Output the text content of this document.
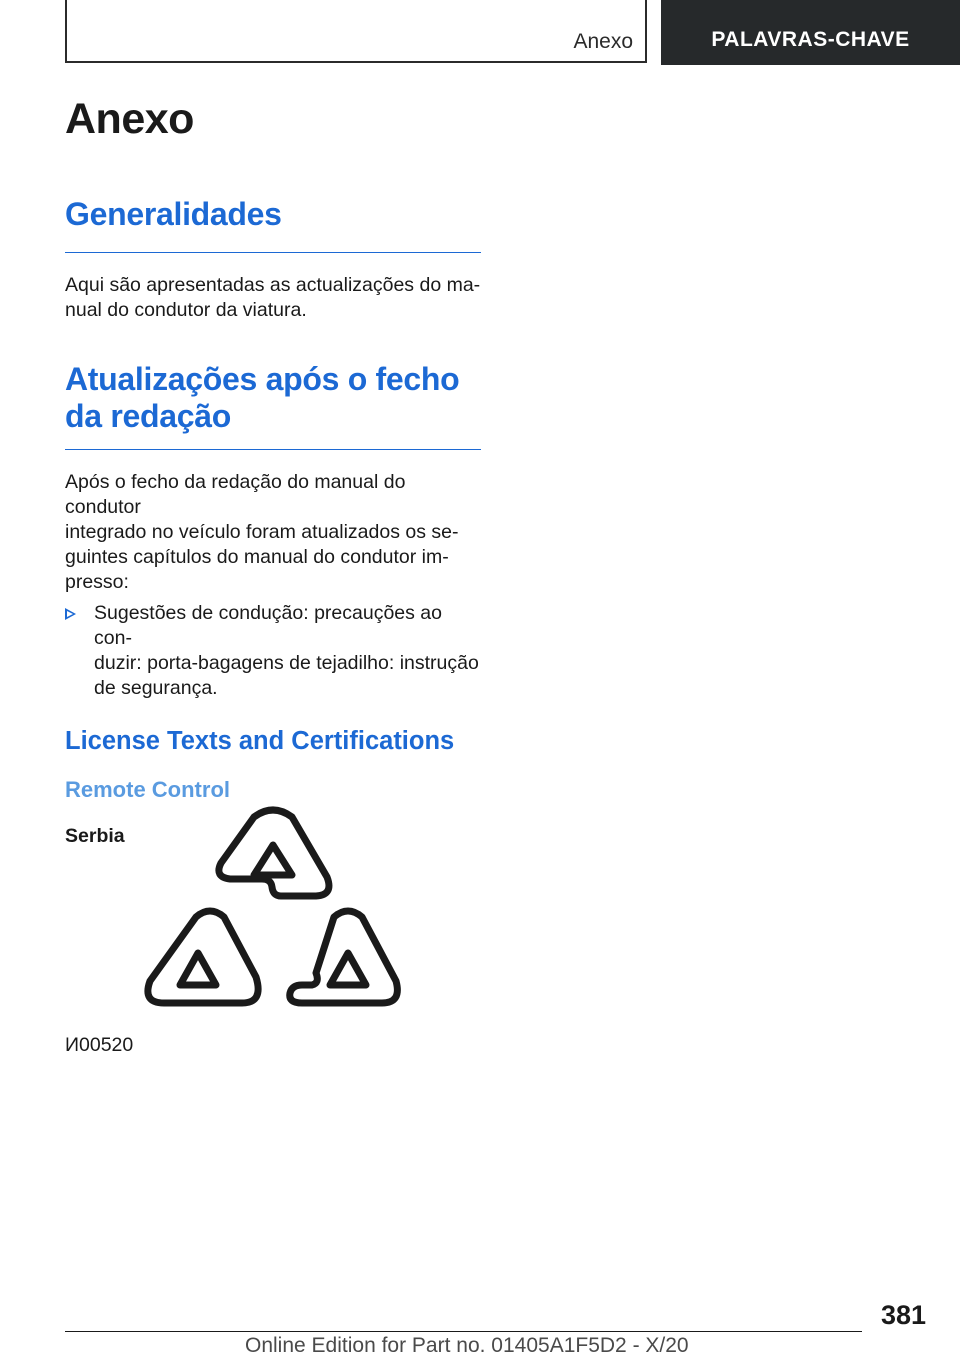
Anexo	PALAVRAS-CHAVE
Anexo
Generalidades

Aqui são apresentadas as actualizações do ma-
nual do condutor da viatura.

Atualizações após o fecho
da redação

Após o fecho da redação do manual do condutor
integrado no veículo foram atualizados os se-
guintes capítulos do manual do condutor im-
presso:

Sugestões de condução: precauções ao con-
duzir: porta-bagagens de tejadilho: instrução
de segurança.

License Texts and Certifications
Remote Control

Serbia

И00520
381
Online Edition for Part no. 01405A1F5D2 - X/20
